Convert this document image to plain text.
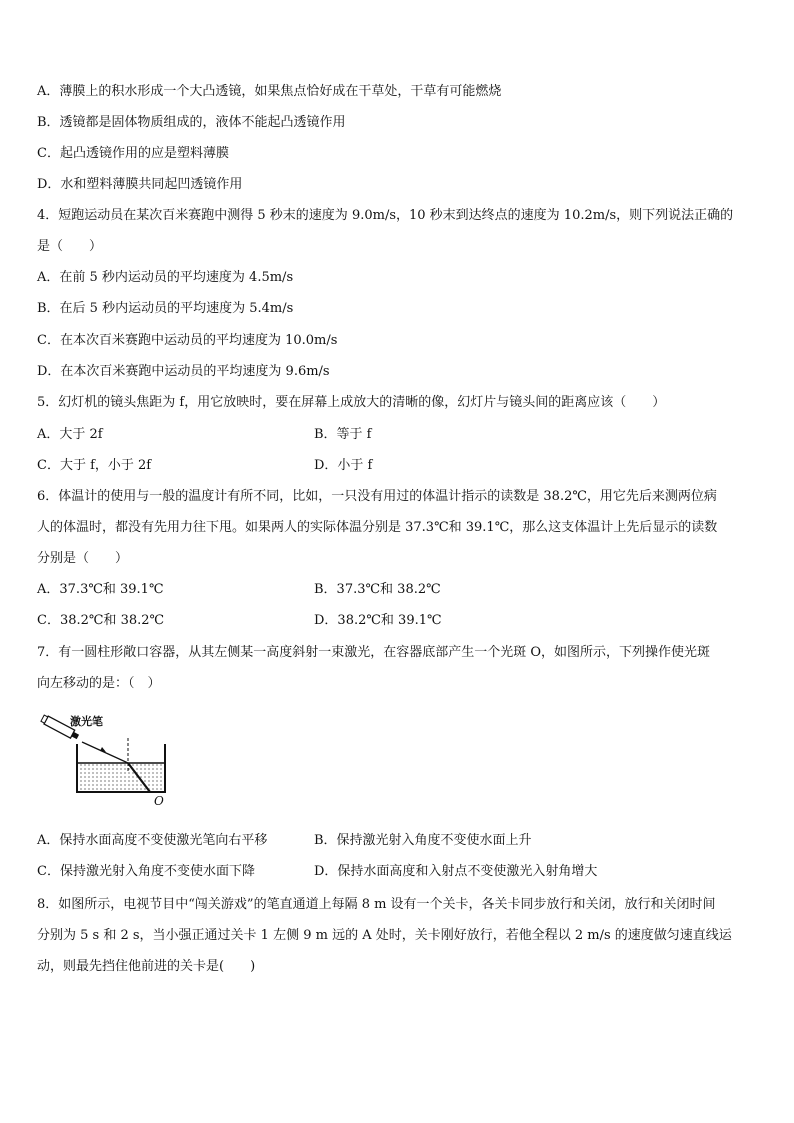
A．薄膜上的积水形成一个大凸透镜，如果焦点恰好成在干草处，干草有可能燃烧
B．透镜都是固体物质组成的，液体不能起凸透镜作用
C．起凸透镜作用的应是塑料薄膜
D．水和塑料薄膜共同起凹透镜作用
4．短跑运动员在某次百米赛跑中测得 5 秒末的速度为 9.0m/s，10 秒末到达终点的速度为 10.2m/s，则下列说法正确的
是（　　）
A．在前 5 秒内运动员的平均速度为 4.5m/s
B．在后 5 秒内运动员的平均速度为 5.4m/s
C．在本次百米赛跑中运动员的平均速度为 10.0m/s
D．在本次百米赛跑中运动员的平均速度为 9.6m/s
5．幻灯机的镜头焦距为 f，用它放映时，要在屏幕上成放大的清晰的像，幻灯片与镜头间的距离应该（　　）
A．大于 2f	B．等于 f
C．大于 f，小于 2f	D．小于 f
6．体温计的使用与一般的温度计有所不同，比如，一只没有用过的体温计指示的读数是 38.2℃，用它先后来测两位病
人的体温时，都没有先用力往下甩。如果两人的实际体温分别是 37.3℃和 39.1℃，那么这支体温计上先后显示的读数
分别是（　　）
A．37.3℃和 39.1℃	B．37.3℃和 38.2℃
C．38.2℃和 38.2℃	D．38.2℃和 39.1℃
7．有一圆柱形敞口容器，从其左侧某一高度斜射一束激光，在容器底部产生一个光斑 O，如图所示，下列操作使光斑
向左移动的是：（　）
激光笔
O
A．保持水面高度不变使激光笔向右平移	B．保持激光射入角度不变使水面上升
C．保持激光射入角度不变使水面下降	D．保持水面高度和入射点不变使激光入射角增大
8．如图所示，电视节目中“闯关游戏”的笔直通道上每隔 8 m 设有一个关卡，各关卡同步放行和关闭，放行和关闭时间
分别为 5 s 和 2 s，当小强正通过关卡 1 左侧 9 m 远的 A 处时，关卡刚好放行，若他全程以 2 m/s 的速度做匀速直线运
动，则最先挡住他前进的关卡是(　　)
